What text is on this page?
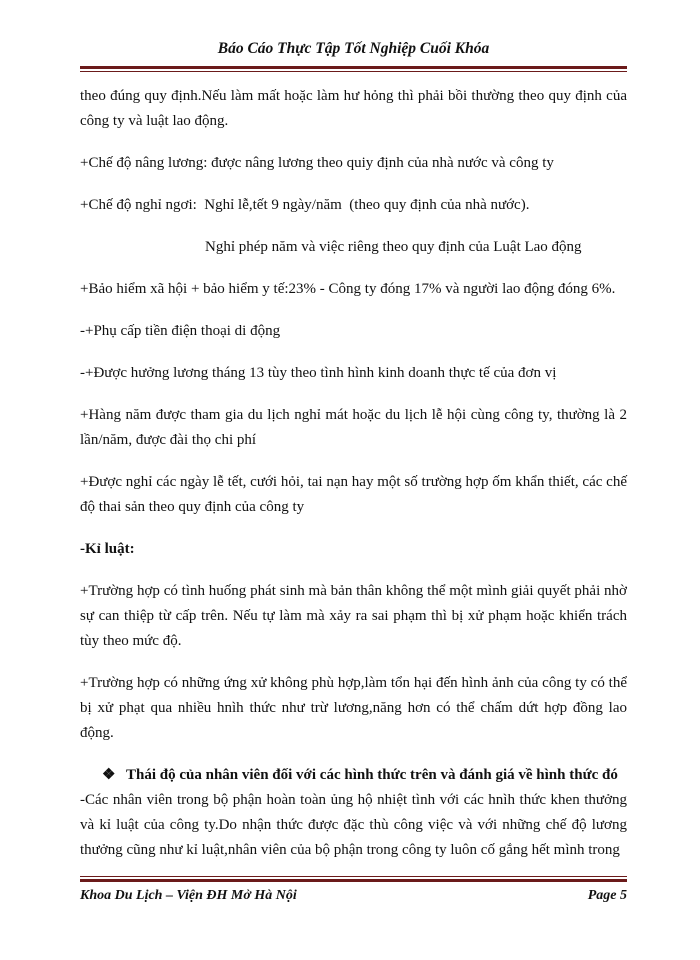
Báo Cáo Thực Tập Tốt Nghiệp Cuối Khóa

theo đúng quy định.Nếu làm mất hoặc làm hư hỏng thì phải bồi thường theo quy định của công ty và luật lao động.

+Chế độ nâng lương: được nâng lương theo quiy định của nhà nước và công ty

+Chế độ nghỉ ngơi:  Nghỉ lễ,tết 9 ngày/năm  (theo quy định của nhà nước).

Nghỉ phép năm và việc riêng theo quy định của Luật Lao động

+Bảo hiểm xã hội + bảo hiểm y tế:23% - Công ty đóng 17% và người lao động đóng 6%.

-+Phụ cấp tiền điện thoại di động

-+Được hưởng lương tháng 13 tùy theo tình hình kinh doanh thực tế của đơn vị

+Hàng năm được tham gia du lịch nghỉ mát hoặc du lịch lễ hội cùng công ty, thường là 2 lần/năm, được đài thọ chi phí

+Được nghỉ các ngày lễ tết, cưới hỏi, tai nạn hay một số trường hợp ốm khẩn thiết, các chế độ thai sản theo quy định của công ty

-Kỉ luật:

+Trường hợp có tình huống phát sinh mà bản thân không thể một mình giải quyết phải nhờ sự can thiệp từ cấp trên. Nếu tự làm mà xảy ra sai phạm thì bị xử phạm hoặc khiển trách tùy theo mức độ.

+Trường hợp có những ứng xử không phù hợp,làm tổn hại đến hình ảnh của công ty có thể bị xử phạt qua nhiều hnìh thức như trừ lương,năng hơn có thể chấm dứt hợp đồng lao động.

❖ Thái độ của nhân viên đối với các hình thức trên và đánh giá về hình thức đó

-Các nhân viên trong bộ phận hoàn toàn ủng hộ nhiệt tình với các hnìh thức khen thưởng và kỉ luật của công ty.Do nhận thức được đặc thù công việc và với những chế độ lương thưởng cũng như kỉ luật,nhân viên của bộ phận trong công ty luôn cố gắng hết mình trong

Khoa Du Lịch – Viện ĐH Mở Hà Nội	Page 5
